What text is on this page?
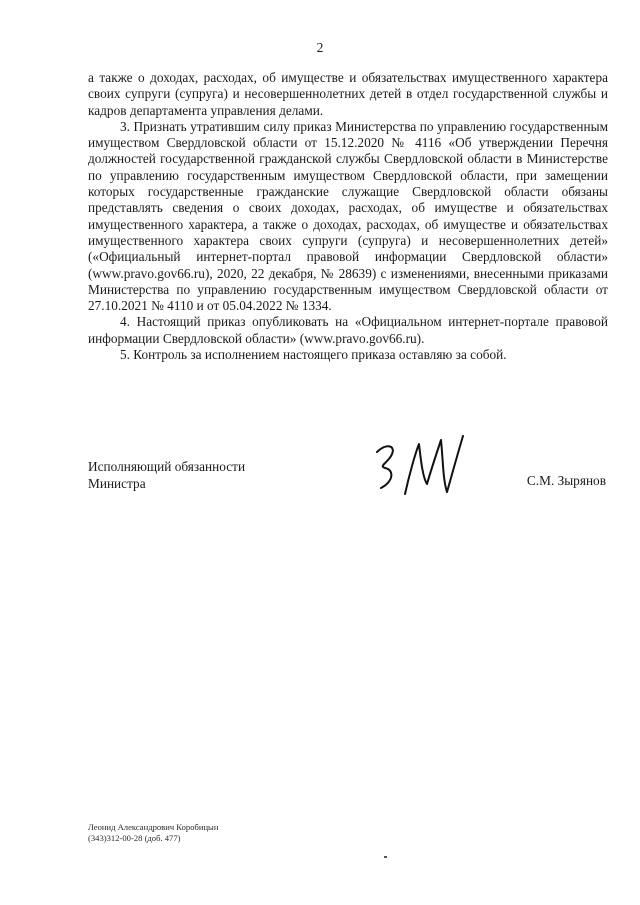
2

а также о доходах, расходах, об имуществе и обязательствах имущественного характера своих супруги (супруга) и несовершеннолетних детей в отдел государственной службы и кадров департамента управления делами.

3. Признать утратившим силу приказ Министерства по управлению государственным имуществом Свердловской области от 15.12.2020 № 4116 «Об утверждении Перечня должностей государственной гражданской службы Свердловской области в Министерстве по управлению государственным имуществом Свердловской области, при замещении которых государственные гражданские служащие Свердловской области обязаны представлять сведения о своих доходах, расходах, об имуществе и обязательствах имущественного характера, а также о доходах, расходах, об имуществе и обязательствах имущественного характера своих супруги (супруга) и несовершеннолетних детей» («Официальный интернет-портал правовой информации Свердловской области» (www.pravo.gov66.ru), 2020, 22 декабря, № 28639) с изменениями, внесенными приказами Министерства по управлению государственным имуществом Свердловской области от 27.10.2021 № 4110 и от 05.04.2022 № 1334.

4. Настоящий приказ опубликовать на «Официальном интернет-портале правовой информации Свердловской области» (www.pravo.gov66.ru).

5. Контроль за исполнением настоящего приказа оставляю за собой.

Исполняющий обязанности
Министра	С.М. Зырянов
Леонид Александрович Коробицын
(343)312-00-28 (доб. 477)
